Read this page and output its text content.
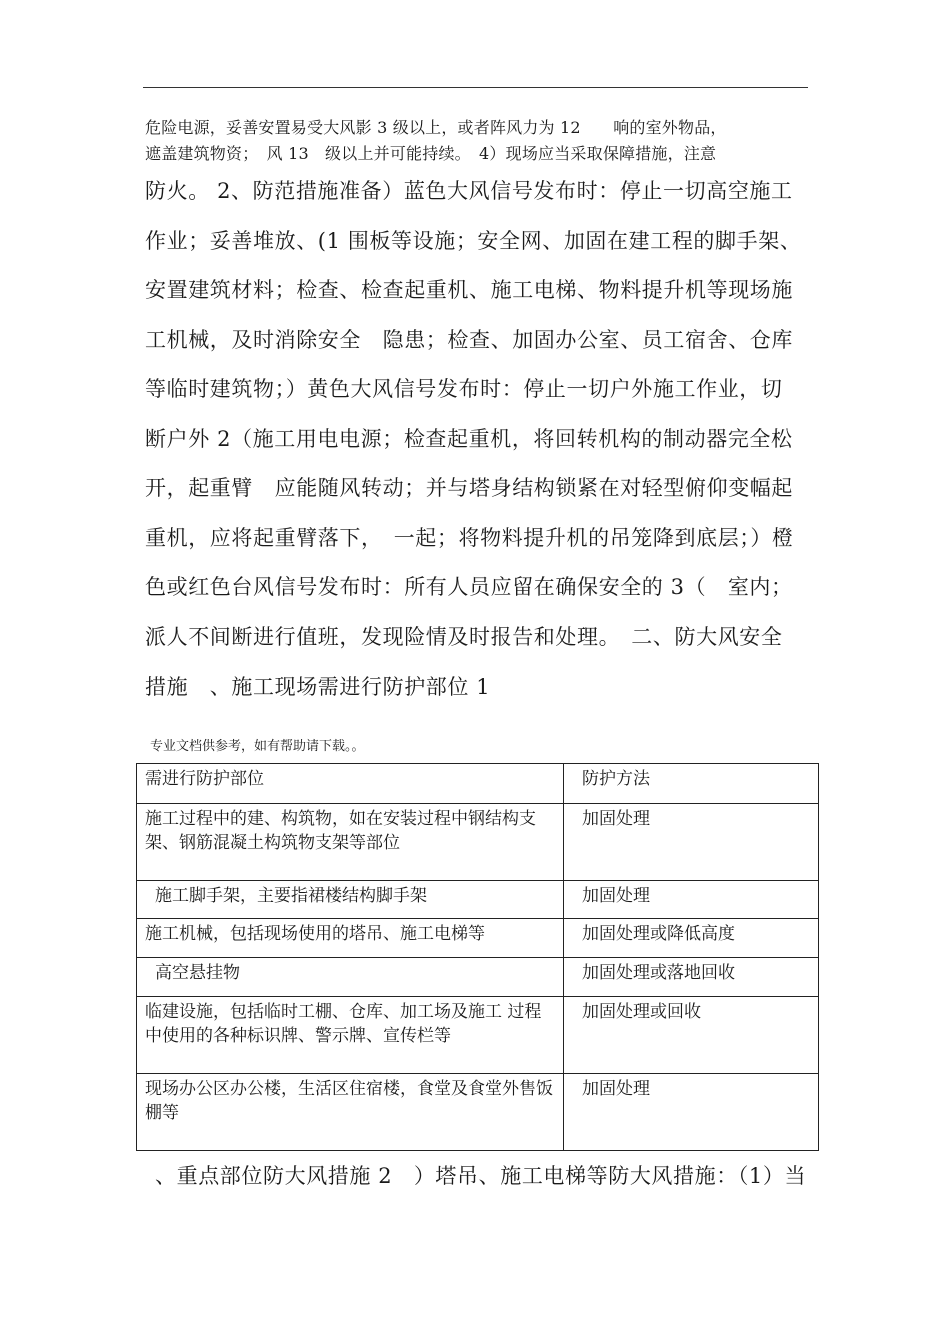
危险电源，妥善安置易受大风影 3 级以上，或者阵风力为 12　　响的室外物品，
遮盖建筑物资；　风 13　级以上并可能持续。　4）现场应当采取保障措施，注意
防火。 2、防范措施准备）蓝色大风信号发布时：停止一切高空施工
作业；妥善堆放、(1 围板等设施；安全网、加固在建工程的脚手架、
安置建筑材料；检查、检查起重机、施工电梯、物料提升机等现场施
工机械，及时消除安全　隐患；检查、加固办公室、员工宿舍、仓库
等临时建筑物；）黄色大风信号发布时：停止一切户外施工作业，切
断户外 2（施工用电电源；检查起重机，将回转机构的制动器完全松
开，起重臂　应能随风转动；并与塔身结构锁紧在对轻型俯仰变幅起
重机，应将起重臂落下，　一起；将物料提升机的吊笼降到底层；）橙
色或红色台风信号发布时：所有人员应留在确保安全的 3（　室内；
派人不间断进行值班，发现险情及时报告和处理。　二、防大风安全
措施　、施工现场需进行防护部位 1
专业文档供参考，如有帮助请下载。。
需进行防护部位	防护方法
施工过程中的建、构筑物，如在安装过程中钢结构支架、钢筋混凝土构筑物支架等部位	加固处理
施工脚手架，主要指裙楼结构脚手架	加固处理
施工机械，包括现场使用的塔吊、施工电梯等	加固处理或降低高度
高空悬挂物	加固处理或落地回收
临建设施，包括临时工棚、仓库、加工场及施工 过程中使用的各种标识牌、警示牌、宣传栏等	加固处理或回收
现场办公区办公楼，生活区住宿楼，食堂及食堂外售饭棚等	加固处理
、重点部位防大风措施 2　）塔吊、施工电梯等防大风措施：（1）当
